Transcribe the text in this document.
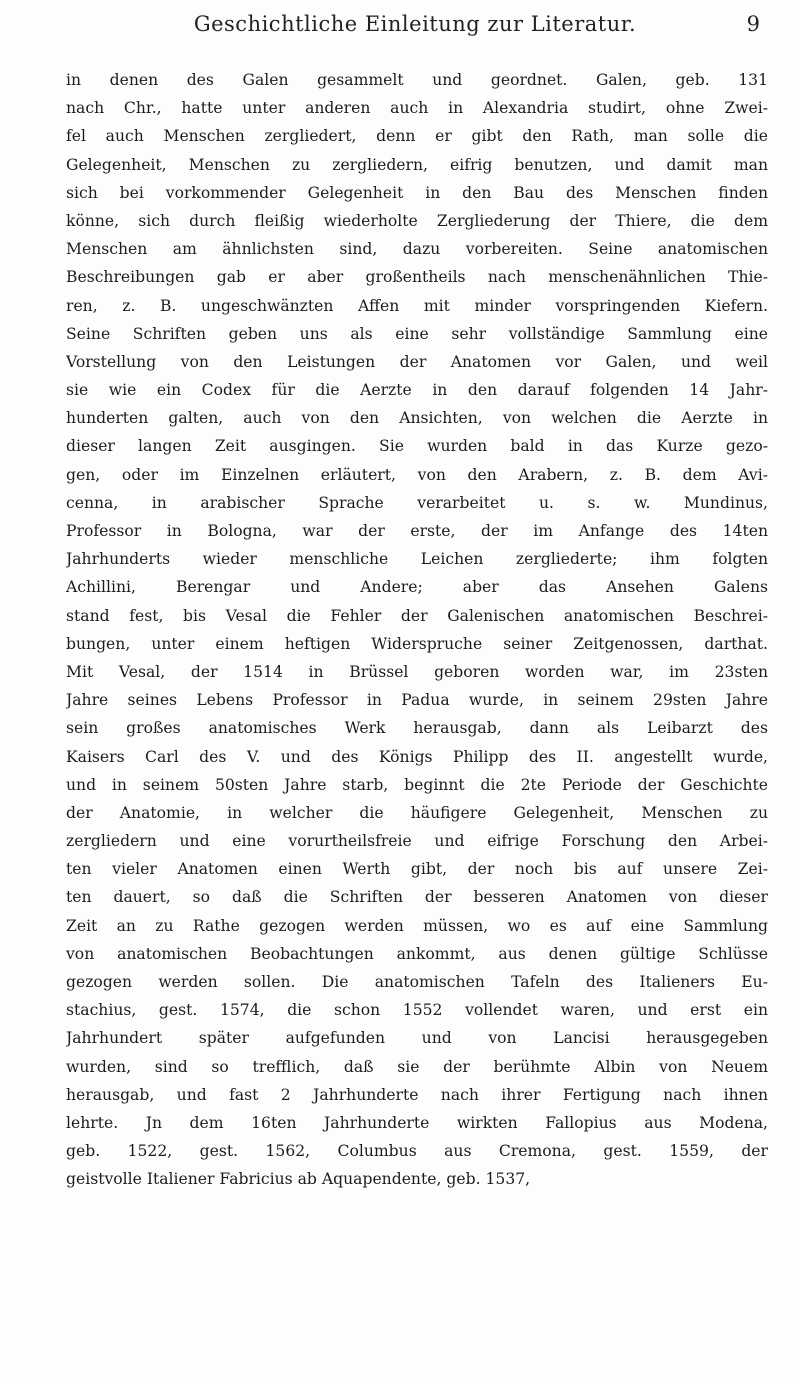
Geschichtliche Einleitung zur Literatur.	9
in denen des Galen gesammelt und geordnet. Galen, geb. 131
nach Chr., hatte unter anderen auch in Alexandria studirt, ohne Zwei-
fel auch Menschen zergliedert, denn er gibt den Rath, man solle die
Gelegenheit, Menschen zu zergliedern, eifrig benutzen, und damit man
sich bei vorkommender Gelegenheit in den Bau des Menschen finden
könne, sich durch fleißig wiederholte Zergliederung der Thiere, die dem
Menschen am ähnlichsten sind, dazu vorbereiten. Seine anatomischen
Beschreibungen gab er aber großentheils nach menschenähnlichen Thie-
ren, z. B. ungeschwänzten Affen mit minder vorspringenden Kiefern.
Seine Schriften geben uns als eine sehr vollständige Sammlung eine
Vorstellung von den Leistungen der Anatomen vor Galen, und weil
sie wie ein Codex für die Aerzte in den darauf folgenden 14 Jahr-
hunderten galten, auch von den Ansichten, von welchen die Aerzte in
dieser langen Zeit ausgingen. Sie wurden bald in das Kurze gezo-
gen, oder im Einzelnen erläutert, von den Arabern, z. B. dem Avi-
cenna, in arabischer Sprache verarbeitet u. s. w. Mundinus,
Professor in Bologna, war der erste, der im Anfange des 14ten
Jahrhunderts wieder menschliche Leichen zergliederte; ihm folgten
Achillini, Berengar und Andere; aber das Ansehen Galens
stand fest, bis Vesal die Fehler der Galenischen anatomischen Beschrei-
bungen, unter einem heftigen Widerspruche seiner Zeitgenossen, darthat.
Mit Vesal, der 1514 in Brüssel geboren worden war, im 23sten
Jahre seines Lebens Professor in Padua wurde, in seinem 29sten Jahre
sein großes anatomisches Werk herausgab, dann als Leibarzt des
Kaisers Carl des V. und des Königs Philipp des II. angestellt wurde,
und in seinem 50sten Jahre starb, beginnt die 2te Periode der Geschichte
der Anatomie, in welcher die häufigere Gelegenheit, Menschen zu
zergliedern und eine vorurtheilsfreie und eifrige Forschung den Arbei-
ten vieler Anatomen einen Werth gibt, der noch bis auf unsere Zei-
ten dauert, so daß die Schriften der besseren Anatomen von dieser
Zeit an zu Rathe gezogen werden müssen, wo es auf eine Sammlung
von anatomischen Beobachtungen ankommt, aus denen gültige Schlüsse
gezogen werden sollen. Die anatomischen Tafeln des Italieners Eu-
stachius, gest. 1574, die schon 1552 vollendet waren, und erst ein
Jahrhundert später aufgefunden und von Lancisi herausgegeben
wurden, sind so trefflich, daß sie der berühmte Albin von Neuem
herausgab, und fast 2 Jahrhunderte nach ihrer Fertigung nach ihnen
lehrte. Jn dem 16ten Jahrhunderte wirkten Fallopius aus Modena,
geb. 1522, gest. 1562, Columbus aus Cremona, gest. 1559, der
geistvolle Italiener Fabricius ab Aquapendente, geb. 1537,
